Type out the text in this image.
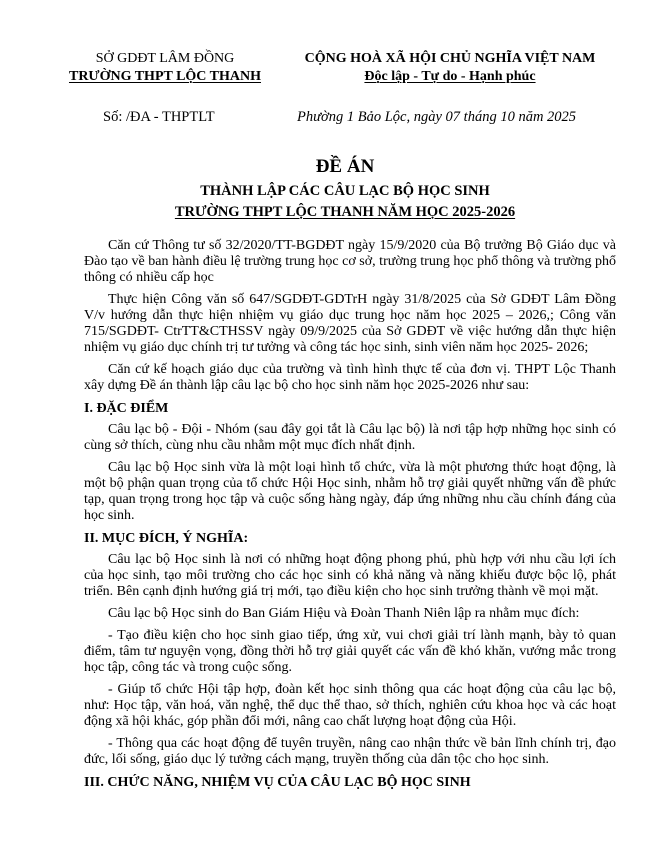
SỞ GDĐT LÂM ĐỒNG
TRƯỜNG THPT LỘC THANH
CỘNG HOÀ XÃ HỘI CHỦ NGHĨA VIỆT NAM
Độc lập - Tự do - Hạnh phúc
Số: /ĐA - THPTLT	Phường 1 Bảo Lộc, ngày 07 tháng 10 năm 2025
ĐỀ ÁN
THÀNH LẬP CÁC CÂU LẠC BỘ HỌC SINH
TRƯỜNG THPT LỘC THANH NĂM HỌC 2025-2026

Căn cứ Thông tư số 32/2020/TT-BGDĐT ngày 15/9/2020 của Bộ trưởng Bộ Giáo dục và Đào tạo về ban hành điều lệ trường trung học cơ sở, trường trung học phổ thông và trường phổ thông có nhiều cấp học

Thực hiện Công văn số 647/SGDĐT-GDTrH ngày 31/8/2025 của Sở GDĐT Lâm Đồng V/v hướng dẫn thực hiện nhiệm vụ giáo dục trung học năm học 2025 – 2026,; Công văn 715/SGDĐT- CtrTT&CTHSSV ngày 09/9/2025 của Sở GDĐT về việc hướng dẫn thực hiện nhiệm vụ giáo dục chính trị tư tưởng và công tác học sinh, sinh viên năm học 2025- 2026;

Căn cứ kế hoạch giáo dục của trường và tình hình thực tế của đơn vị. THPT Lộc Thanh xây dựng Đề án thành lập câu lạc bộ cho học sinh năm học 2025-2026 như sau:

I. ĐẶC ĐIỂM

Câu lạc bộ - Đội - Nhóm (sau đây gọi tắt là Câu lạc bộ) là nơi tập hợp những học sinh có cùng sở thích, cùng nhu cầu nhằm một mục đích nhất định.

Câu lạc bộ Học sinh vừa là một loại hình tổ chức, vừa là một phương thức hoạt động, là một bộ phận quan trọng của tổ chức Hội Học sinh, nhằm hỗ trợ giải quyết những vấn đề phức tạp, quan trọng trong học tập và cuộc sống hàng ngày, đáp ứng những nhu cầu chính đáng của học sinh.

II. MỤC ĐÍCH, Ý NGHĨA:

Câu lạc bộ Học sinh là nơi có những hoạt động phong phú, phù hợp với nhu cầu lợi ích của học sinh, tạo môi trường cho các học sinh có khả năng và năng khiếu được bộc lộ, phát triển. Bên cạnh định hướng giá trị mới, tạo điều kiện cho học sinh trưởng thành về mọi mặt.

Câu lạc bộ Học sinh do Ban Giám Hiệu và Đoàn Thanh Niên lập ra nhằm mục đích:

- Tạo điều kiện cho học sinh giao tiếp, ứng xử, vui chơi giải trí lành mạnh, bày tỏ quan điểm, tâm tư nguyện vọng, đồng thời hỗ trợ giải quyết các vấn đề khó khăn, vướng mắc trong học tập, công tác và trong cuộc sống.

- Giúp tổ chức Hội tập hợp, đoàn kết học sinh thông qua các hoạt động của câu lạc bộ, như: Học tập, văn hoá, văn nghệ, thể dục thể thao, sở thích, nghiên cứu khoa học và các hoạt động xã hội khác, góp phần đổi mới, nâng cao chất lượng hoạt động của Hội.

- Thông qua các hoạt động để tuyên truyền, nâng cao nhận thức về bản lĩnh chính trị, đạo đức, lối sống, giáo dục lý tưởng cách mạng, truyền thống của dân tộc cho học sinh.

III. CHỨC NĂNG, NHIỆM VỤ CỦA CÂU LẠC BỘ HỌC SINH
